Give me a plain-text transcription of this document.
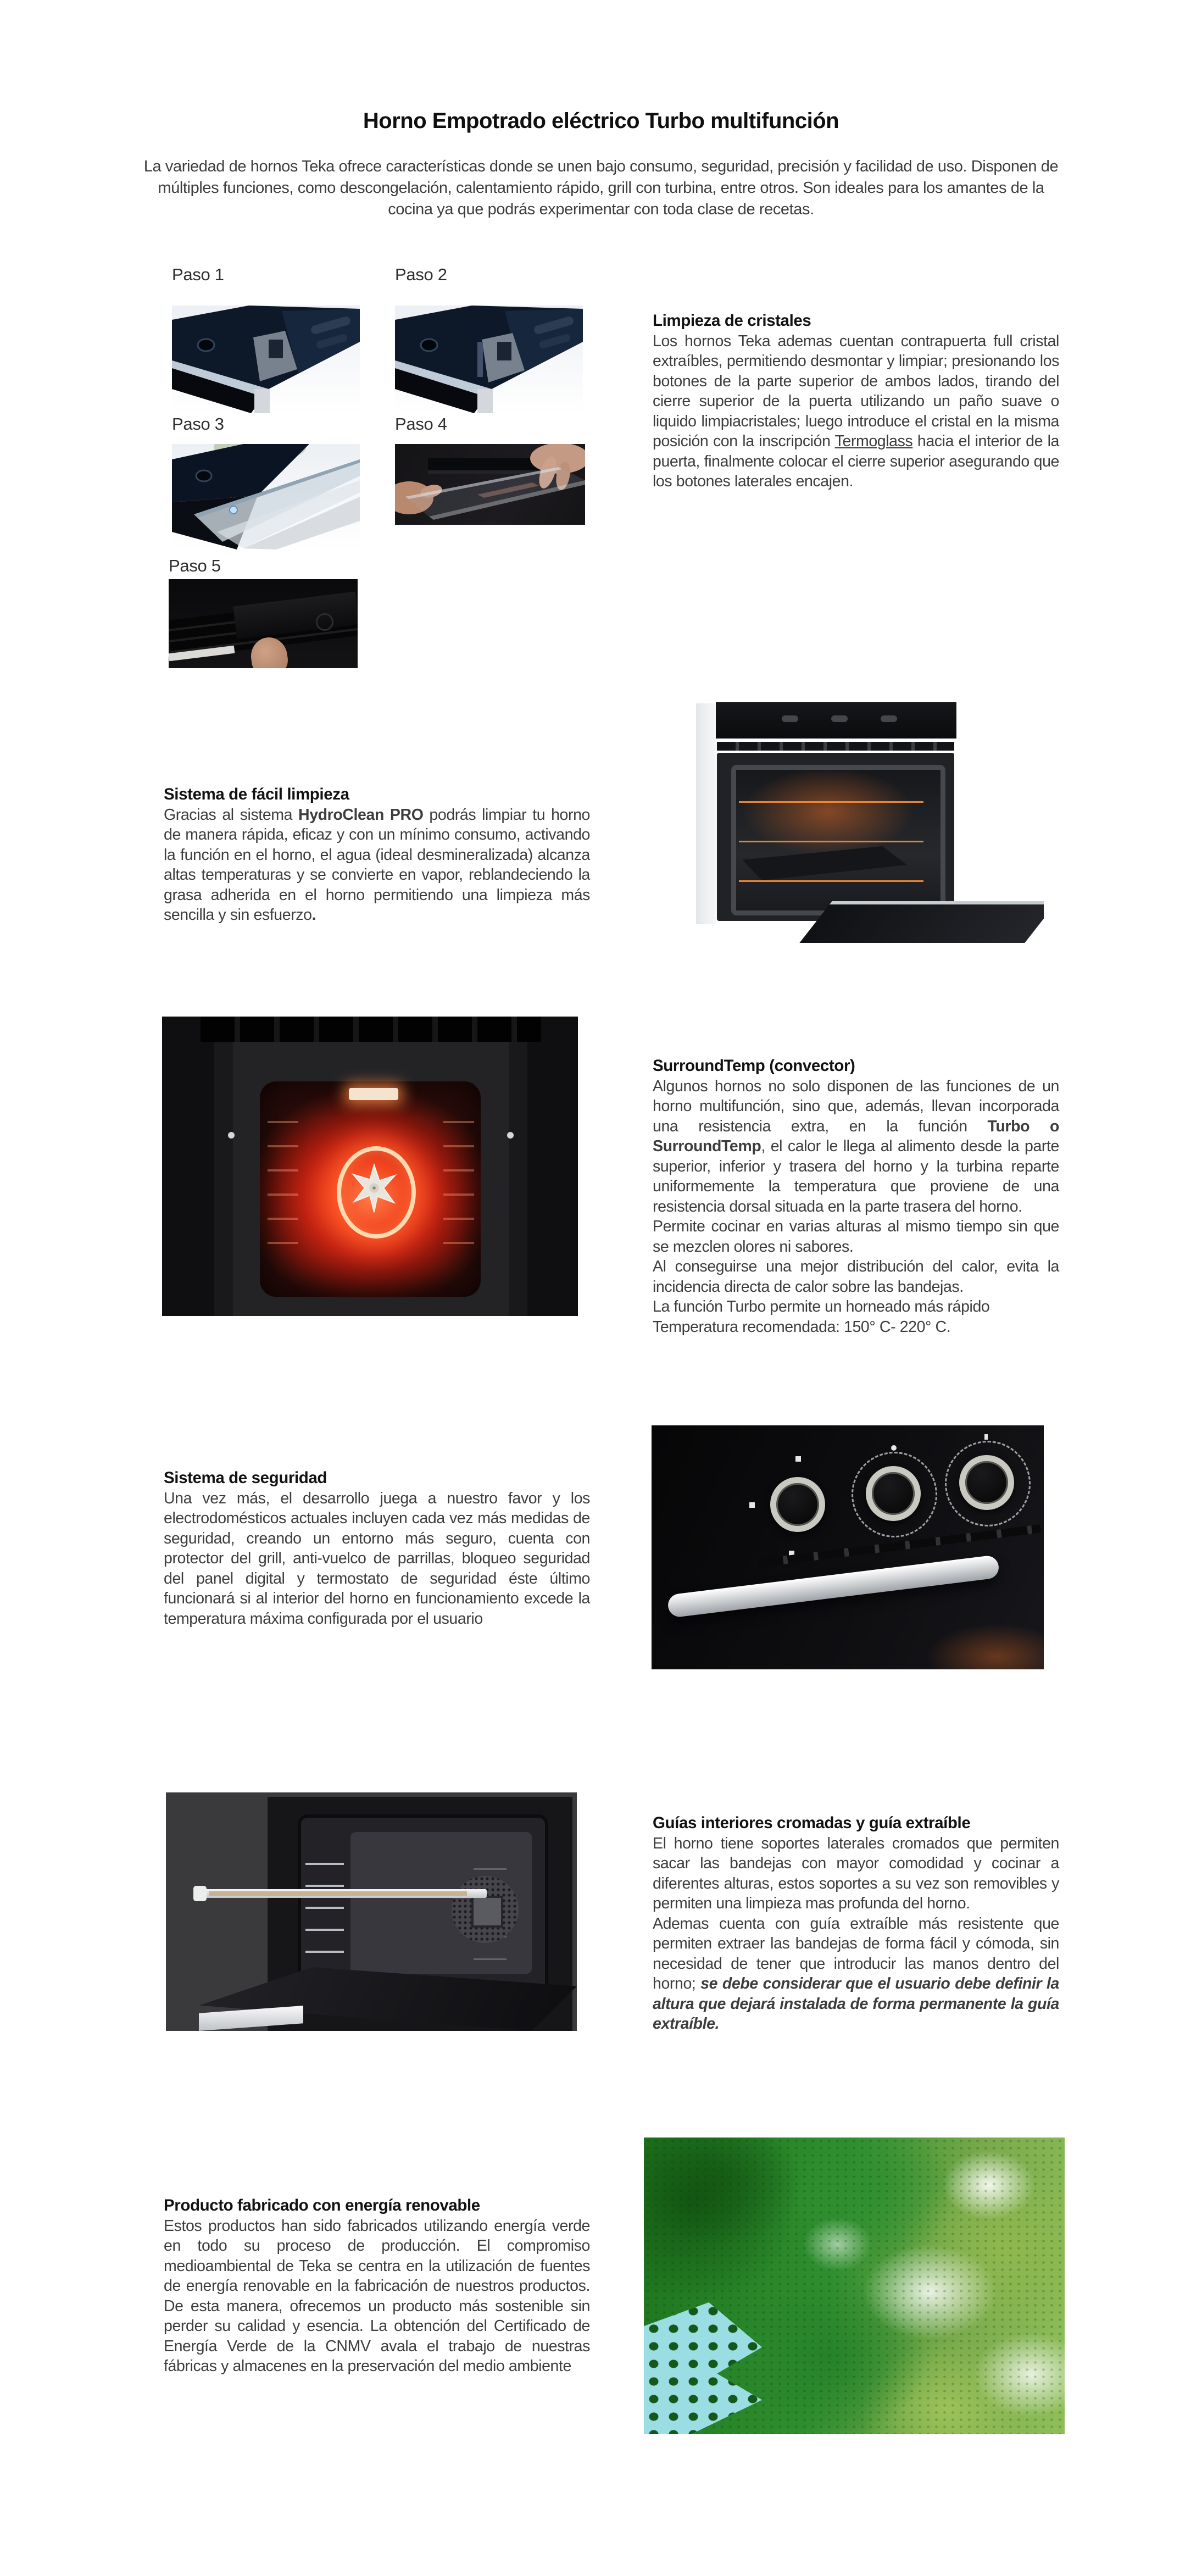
Horno Empotrado eléctrico Turbo multifunción
La variedad de hornos Teka ofrece características donde se unen bajo consumo, seguridad, precisión y facilidad de uso. Disponen de múltiples funciones, como descongelación, calentamiento rápido, grill con turbina, entre otros. Son ideales para los amantes de la cocina ya que podrás experimentar con toda clase de recetas.
Paso 1	Paso 2
Paso 3	Paso 4
Paso 5
Limpieza de cristales

Los hornos Teka ademas cuentan contrapuerta full cristal extraíbles, permitiendo desmontar y limpiar; presionando los botones de la parte superior de ambos lados, tirando del cierre superior de la puerta utilizando un paño suave o liquido limpiacristales; luego introduce el cristal en la misma posición con la inscripción Termoglass hacia el interior de la puerta, finalmente colocar el cierre superior asegurando que los botones laterales encajen.

Sistema de fácil limpieza

Gracias al sistema HydroClean PRO podrás limpiar tu horno de manera rápida, eficaz y con un mínimo consumo, activando la función en el horno, el agua (ideal desmineralizada) alcanza altas temperaturas y se convierte en vapor, reblandeciendo la grasa adherida en el horno permitiendo una limpieza más sencilla y sin esfuerzo.

SurroundTemp (convector)

Algunos hornos no solo disponen de las funciones de un horno multifunción, sino que, además, llevan incorporada una resistencia extra, en la función Turbo o SurroundTemp, el calor le llega al alimento desde la parte superior, inferior y trasera del horno y la turbina reparte uniformemente la temperatura que proviene de una resistencia dorsal situada en la parte trasera del horno.

Permite cocinar en varias alturas al mismo tiempo sin que se mezclen olores ni sabores.

Al conseguirse una mejor distribución del calor, evita la incidencia directa de calor sobre las bandejas.

La función Turbo permite un horneado más rápido

Temperatura recomendada: 150° C- 220° C.

Sistema de seguridad

Una vez más, el desarrollo juega a nuestro favor y los electrodomésticos actuales incluyen cada vez más medidas de seguridad, creando un entorno más seguro, cuenta con protector del grill, anti-vuelco de parrillas, bloqueo seguridad del panel digital y termostato de seguridad éste último funcionará si al interior del horno en funcionamiento excede la temperatura máxima configurada por el usuario

Guías interiores cromadas y guía extraíble

El horno tiene soportes laterales cromados que permiten sacar las bandejas con mayor comodidad y cocinar a diferentes alturas, estos soportes a su vez son removibles y permiten una limpieza mas profunda del horno.

Ademas cuenta con guía extraíble más resistente que permiten extraer las bandejas de forma fácil y cómoda, sin necesidad de tener que introducir las manos dentro del horno; se debe considerar que el usuario debe definir la altura que dejará instalada de forma permanente la guía extraíble.

Producto fabricado con energía renovable

Estos productos han sido fabricados utilizando energía verde en todo su proceso de producción. El compromiso medioambiental de Teka se centra en la utilización de fuentes de energía renovable en la fabricación de nuestros productos. De esta manera, ofrecemos un producto más sostenible sin perder su calidad y esencia. La obtención del Certificado de Energía Verde de la CNMV avala el trabajo de nuestras fábricas y almacenes en la preservación del medio ambiente
